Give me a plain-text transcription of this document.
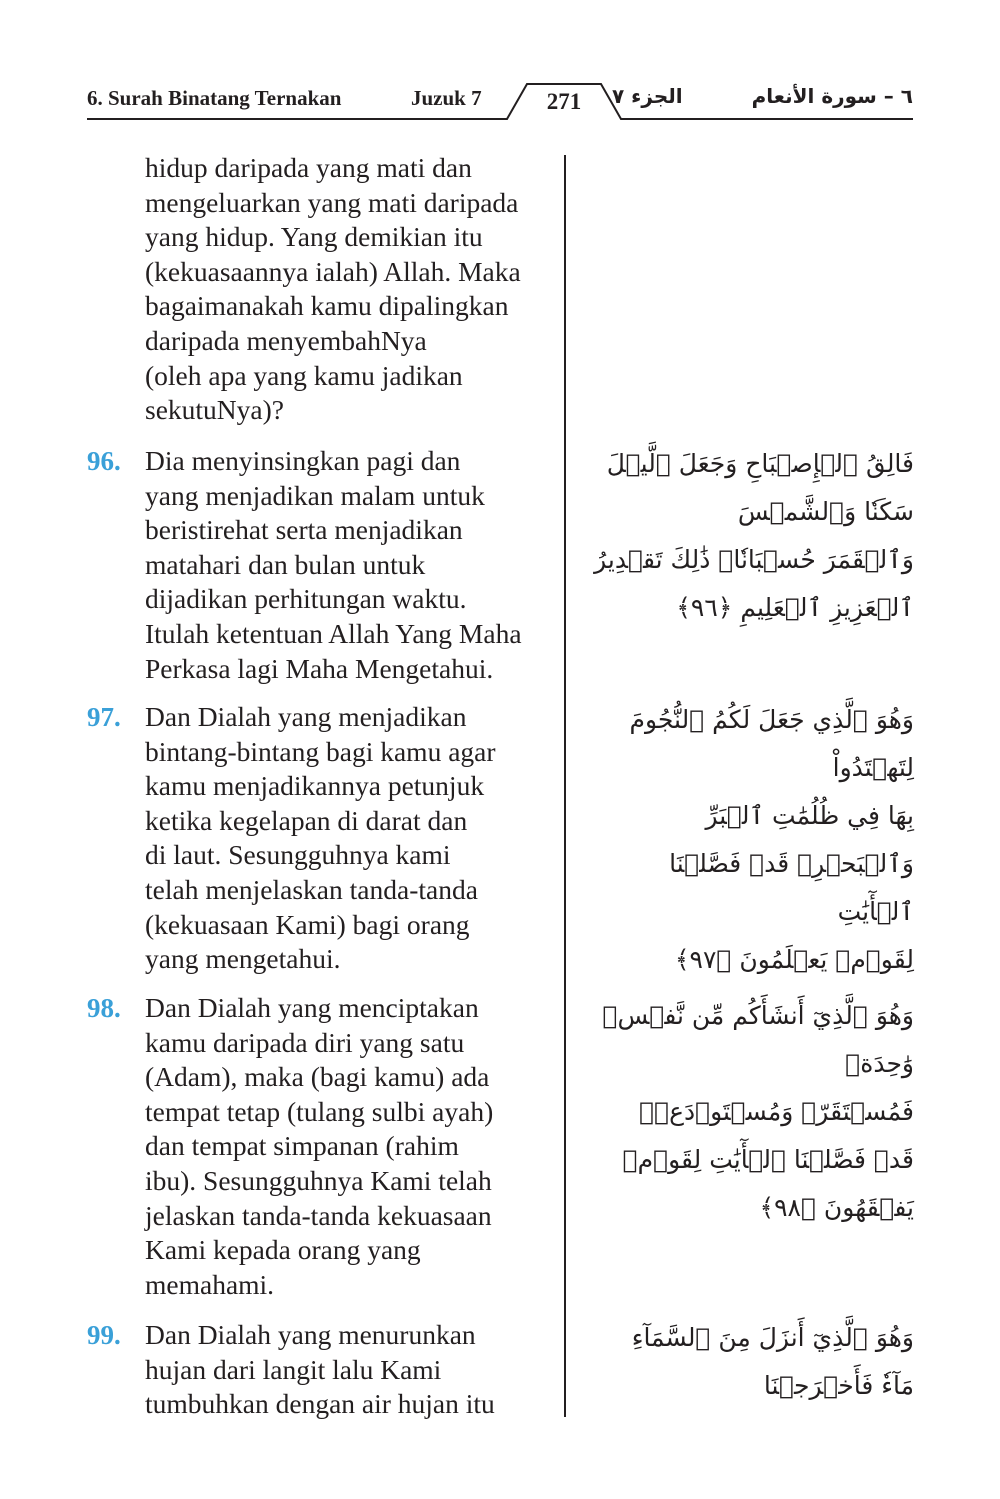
6. Surah Binatang Ternakan	Juzuk 7	271	الجزء ٧	٦ – سورة الأنعام
hidup daripada yang mati dan
mengeluarkan yang mati daripada
yang hidup. Yang demikian itu
(kekuasaannya ialah) Allah. Maka
bagaimanakah kamu dipalingkan
daripada menyembahNya
(oleh apa yang kamu jadikan
sekutuNya)?
96. Dia menyinsingkan pagi dan
yang menjadikan malam untuk
beristirehat serta menjadikan
matahari dan bulan untuk
dijadikan perhitungan waktu.
Itulah ketentuan Allah Yang Maha
Perkasa lagi Maha Mengetahui.
فَالِقُ ٱلۡإِصۡبَاحِ وَجَعَلَ ٱلَّيۡلَ سَكَنٗا وَٱلشَّمۡسَ
وَٱلۡقَمَرَ حُسۡبَانٗاۚ ذَٰلِكَ تَقۡدِيرُ ٱلۡعَزِيزِ ٱلۡعَلِيمِ ﴿٩٦﴾
97. Dan Dialah yang menjadikan
bintang-bintang bagi kamu agar
kamu menjadikannya petunjuk
ketika kegelapan di darat dan
di laut. Sesungguhnya kami
telah menjelaskan tanda-tanda
(kekuasaan Kami) bagi orang
yang mengetahui.
وَهُوَ ٱلَّذِي جَعَلَ لَكُمُ ٱلنُّجُومَ لِتَهۡتَدُواْ
بِهَا فِي ظُلُمَٰتِ ٱلۡبَرِّ وَٱلۡبَحۡرِۗ قَدۡ فَصَّلۡنَا ٱلۡأٓيَٰتِ
لِقَوۡمٖ يَعۡلَمُونَ ﴿٩٧﴾
98. Dan Dialah yang menciptakan
kamu daripada diri yang satu
(Adam), maka (bagi kamu) ada
tempat tetap (tulang sulbi ayah)
dan tempat simpanan (rahim
ibu). Sesungguhnya Kami telah
jelaskan tanda-tanda kekuasaan
Kami kepada orang yang
memahami.
وَهُوَ ٱلَّذِيٓ أَنشَأَكُم مِّن نَّفۡسٖ وَٰحِدَةٖ
فَمُسۡتَقَرّٞ وَمُسۡتَوۡدَعٞۗ قَدۡ فَصَّلۡنَا ٱلۡأٓيَٰتِ لِقَوۡمٖ
يَفۡقَهُونَ ﴿٩٨﴾
99. Dan Dialah yang menurunkan
hujan dari langit lalu Kami
tumbuhkan dengan air hujan itu
وَهُوَ ٱلَّذِيٓ أَنزَلَ مِنَ ٱلسَّمَآءِ مَآءٗ فَأَخۡرَجۡنَا
